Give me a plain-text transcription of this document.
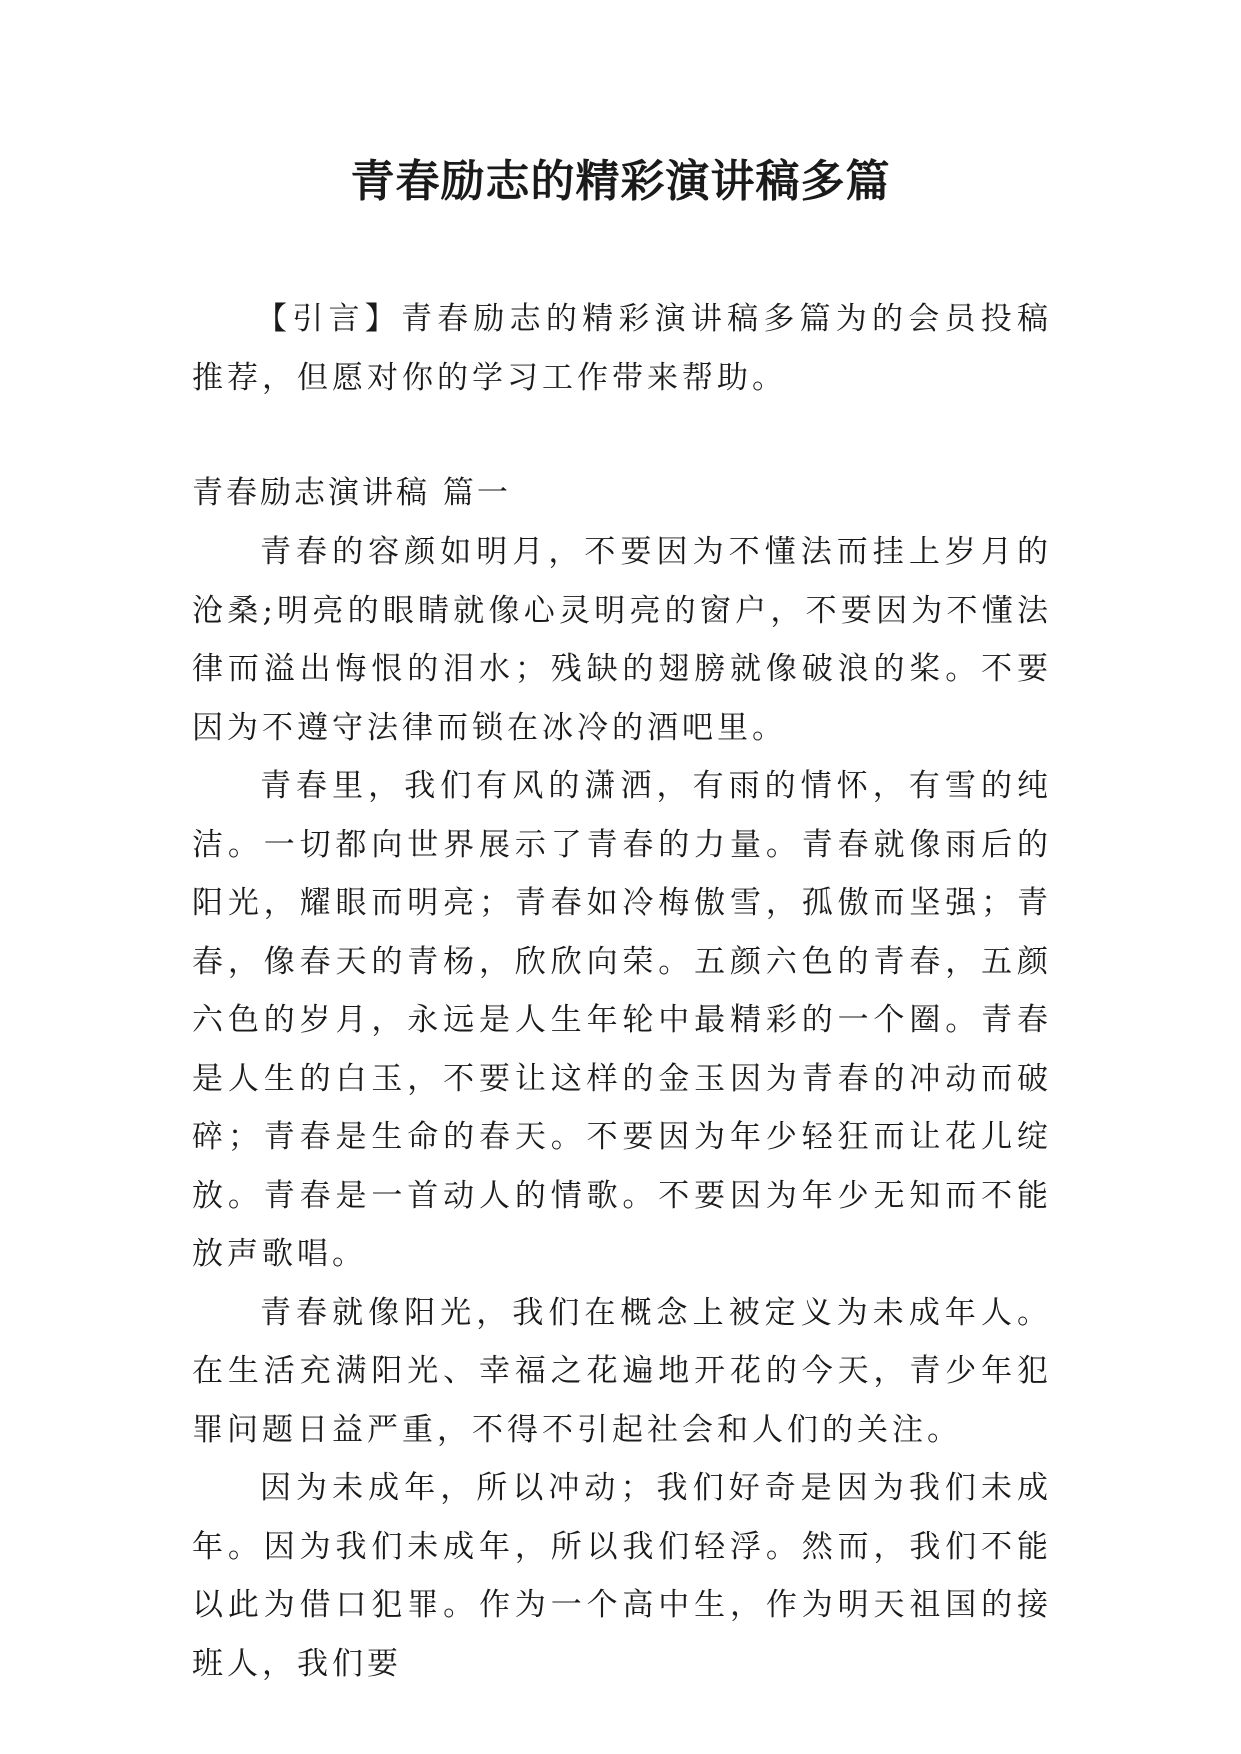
青春励志的精彩演讲稿多篇

【引言】青春励志的精彩演讲稿多篇为的会员投稿推荐，但愿对你的学习工作带来帮助。

青春励志演讲稿 篇一

青春的容颜如明月，不要因为不懂法而挂上岁月的沧桑;明亮的眼睛就像心灵明亮的窗户，不要因为不懂法律而溢出悔恨的泪水；残缺的翅膀就像破浪的桨。不要因为不遵守法律而锁在冰冷的酒吧里。

青春里，我们有风的潇洒，有雨的情怀，有雪的纯洁。一切都向世界展示了青春的力量。青春就像雨后的阳光，耀眼而明亮；青春如冷梅傲雪，孤傲而坚强；青春，像春天的青杨，欣欣向荣。五颜六色的青春，五颜六色的岁月，永远是人生年轮中最精彩的一个圈。青春是人生的白玉，不要让这样的金玉因为青春的冲动而破碎；青春是生命的春天。不要因为年少轻狂而让花儿绽放。青春是一首动人的情歌。不要因为年少无知而不能放声歌唱。

青春就像阳光，我们在概念上被定义为未成年人。在生活充满阳光、幸福之花遍地开花的今天，青少年犯罪问题日益严重，不得不引起社会和人们的关注。

因为未成年，所以冲动；我们好奇是因为我们未成年。因为我们未成年，所以我们轻浮。然而，我们不能以此为借口犯罪。作为一个高中生，作为明天祖国的接班人，我们要
